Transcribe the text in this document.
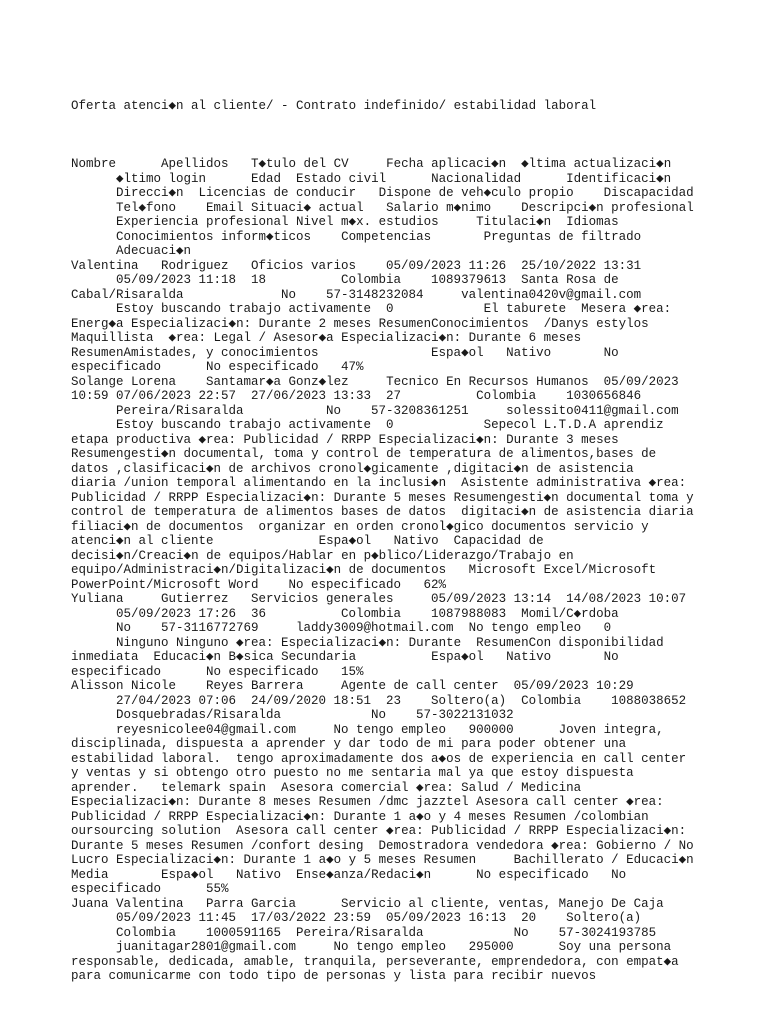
Oferta atenci◆n al cliente/ - Contrato indefinido/ estabilidad laboral

Nombre      Apellidos   T◆tulo del CV     Fecha aplicaci◆n  ◆ltima actualizaci◆n
◆ltimo login      Edad  Estado civil      Nacionalidad      Identificaci◆n
Direcci◆n  Licencias de conducir   Dispone de veh◆culo propio    Discapacidad
Tel◆fono    Email Situaci◆ actual   Salario m◆nimo    Descripci◆n profesional
Experiencia profesional Nivel m◆x. estudios     Titulaci◆n  Idiomas
Conocimientos inform◆ticos    Competencias       Preguntas de filtrado
Adecuaci◆n
Valentina   Rodriguez   Oficios varios    05/09/2023 11:26  25/10/2022 13:31
05/09/2023 11:18  18          Colombia    1089379613  Santa Rosa de
Cabal/Risaralda             No    57-3148232084     valentina0420v@gmail.com
Estoy buscando trabajo activamente  0            El taburete  Mesera ◆rea:
Energ◆a Especializaci◆n: Durante 2 meses ResumenConocimientos  /Danys estylos
Maquillista  ◆rea: Legal / Asesor◆a Especializaci◆n: Durante 6 meses
ResumenAmistades, y conocimientos               Espa◆ol   Nativo       No
especificado      No especificado   47%
Solange Lorena    Santamar◆a Gonz◆lez     Tecnico En Recursos Humanos  05/09/2023
10:59 07/06/2023 22:57  27/06/2023 13:33  27          Colombia    1030656846
Pereira/Risaralda           No    57-3208361251     solessito0411@gmail.com
Estoy buscando trabajo activamente  0            Sepecol L.T.D.A aprendiz
etapa productiva ◆rea: Publicidad / RRPP Especializaci◆n: Durante 3 meses
Resumengesti◆n documental, toma y control de temperatura de alimentos,bases de
datos ,clasificaci◆n de archivos cronol◆gicamente ,digitaci◆n de asistencia
diaria /union temporal alimentando en la inclusi◆n  Asistente administrativa ◆rea:
Publicidad / RRPP Especializaci◆n: Durante 5 meses Resumengesti◆n documental toma y
control de temperatura de alimentos bases de datos  digitaci◆n de asistencia diaria
filiaci◆n de documentos  organizar en orden cronol◆gico documentos servicio y
atenci◆n al cliente              Espa◆ol   Nativo  Capacidad de
decisi◆n/Creaci◆n de equipos/Hablar en p◆blico/Liderazgo/Trabajo en
equipo/Administraci◆n/Digitalizaci◆n de documentos   Microsoft Excel/Microsoft
PowerPoint/Microsoft Word    No especificado   62%
Yuliana     Gutierrez   Servicios generales     05/09/2023 13:14  14/08/2023 10:07
05/09/2023 17:26  36          Colombia    1087988083  Momil/C◆rdoba
No    57-3116772769     laddy3009@hotmail.com  No tengo empleo   0
Ninguno Ninguno ◆rea: Especializaci◆n: Durante  ResumenCon disponibilidad
inmediata  Educaci◆n B◆sica Secundaria          Espa◆ol   Nativo       No
especificado      No especificado   15%
Alisson Nicole    Reyes Barrera     Agente de call center  05/09/2023 10:29
27/04/2023 07:06  24/09/2020 18:51  23    Soltero(a)  Colombia    1088038652
Dosquebradas/Risaralda            No    57-3022131032
reyesnicolee04@gmail.com     No tengo empleo   900000      Joven integra,
disciplinada, dispuesta a aprender y dar todo de mi para poder obtener una
estabilidad laboral.  tengo aproximadamente dos a◆os de experiencia en call center
y ventas y si obtengo otro puesto no me sentaria mal ya que estoy dispuesta
aprender.   telemark spain  Asesora comercial ◆rea: Salud / Medicina
Especializaci◆n: Durante 8 meses Resumen /dmc jazztel Asesora call center ◆rea:
Publicidad / RRPP Especializaci◆n: Durante 1 a◆o y 4 meses Resumen /colombian
oursourcing solution  Asesora call center ◆rea: Publicidad / RRPP Especializaci◆n:
Durante 5 meses Resumen /confort desing  Demostradora vendedora ◆rea: Gobierno / No
Lucro Especializaci◆n: Durante 1 a◆o y 5 meses Resumen     Bachillerato / Educaci◆n
Media       Espa◆ol   Nativo  Ense◆anza/Redaci◆n      No especificado   No
especificado      55%
Juana Valentina   Parra Garcia      Servicio al cliente, ventas, Manejo De Caja
05/09/2023 11:45  17/03/2022 23:59  05/09/2023 16:13  20    Soltero(a)
Colombia    1000591165  Pereira/Risaralda            No    57-3024193785
juanitagar2801@gmail.com     No tengo empleo   295000      Soy una persona
responsable, dedicada, amable, tranquila, perseverante, emprendedora, con empat◆a
para comunicarme con todo tipo de personas y lista para recibir nuevos
